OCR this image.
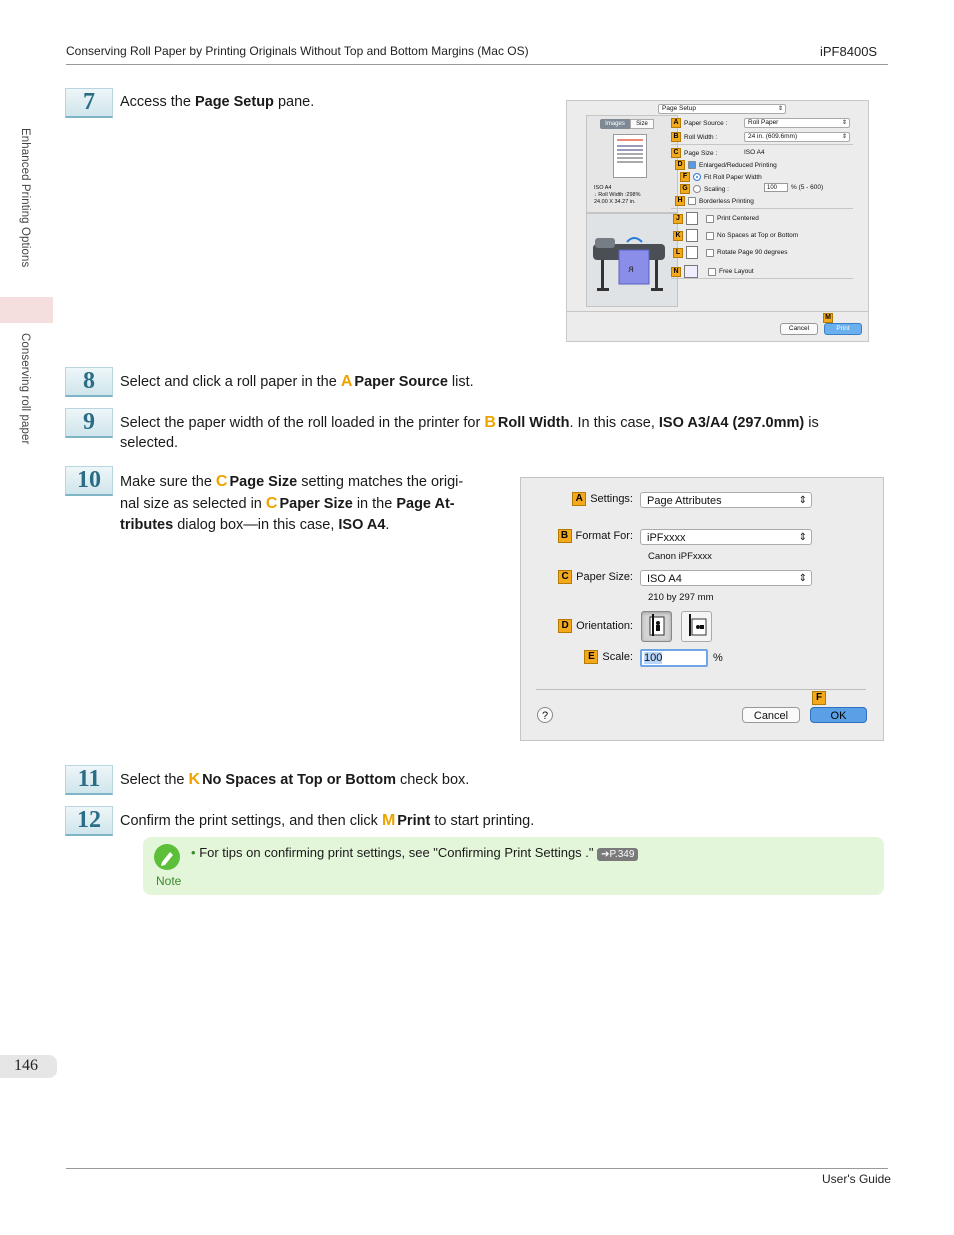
Conserving Roll Paper by Printing Originals Without Top and Bottom Margins (Mac OS)	iPF8400S
Enhanced Printing Options
Conserving roll paper
7	Access the Page Setup pane.	Page Setup ⇕
Images	Size
ISO A4
↓ Roll Width :298%
24.00 X 34.27 in.
ᴙ
A Paper Source :	Roll Paper ⇕
B Roll Width :	24 in. (609.6mm) ⇕
C Page Size :	ISO A4
D	Enlarged/Reduced Printing
F	Fit Roll Paper Width
G	Scaling :	100	% (5 - 600)
H	Borderless Printing
J	Print Centered
K	No Spaces at Top or Bottom
L	Rotate Page 90 degrees
N	Free Layout
M
Cancel	Print
8	Select and click a roll paper in the A Paper Source list.
9	Select the paper width of the roll loaded in the printer for B Roll Width. In this case, ISO A3/A4 (297.0mm) is
selected.
10	Make sure the C Page Size setting matches the origi-
nal size as selected in C Paper Size in the Page At-
tributes dialog box—in this case, ISO A4.
A Settings:	Page Attributes ⇕
B Format For:	iPFxxxx ⇕
Canon iPFxxxx
C Paper Size:	ISO A4 ⇕
210 by 297 mm
D Orientation:
E Scale:	100	%
F
?	Cancel	OK
11	Select the K No Spaces at Top or Bottom check box.
12	Confirm the print settings, and then click M Print to start printing.
Note
• For tips on confirming print settings, see "Confirming Print Settings ." ➔P.349
146
User's Guide
